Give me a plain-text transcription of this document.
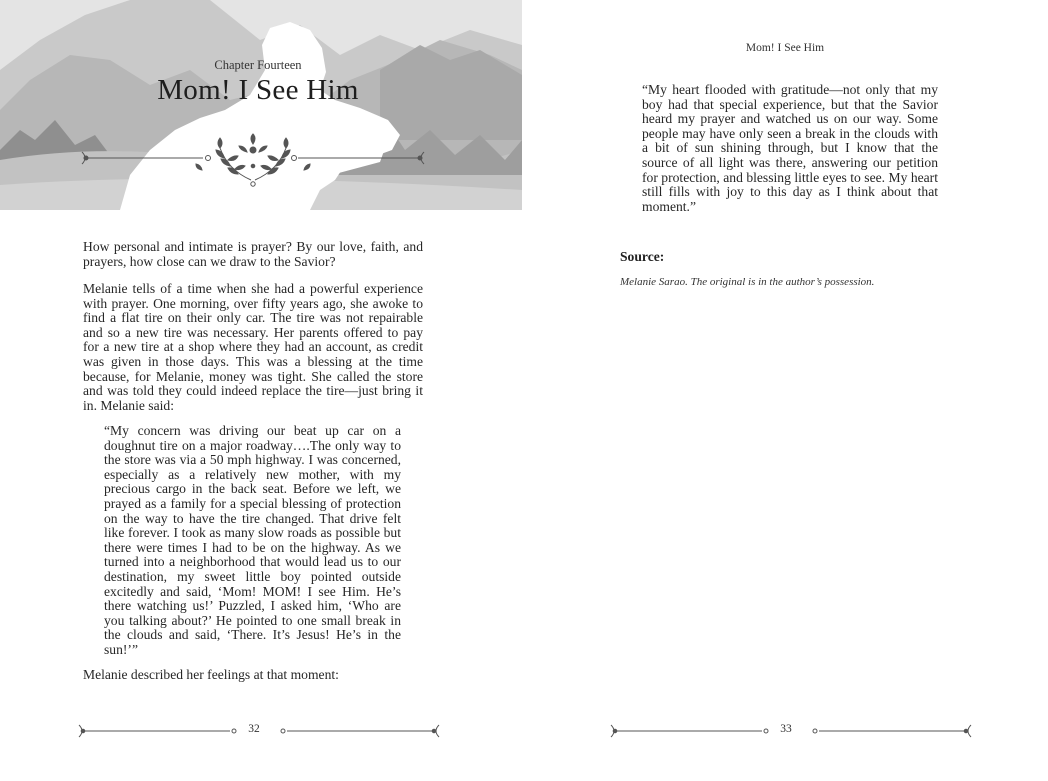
Chapter Fourteen
Mom! I See Him

How personal and intimate is prayer? By our love, faith, and prayers, how close can we draw to the Savior?

Melanie tells of a time when she had a powerful experience with prayer. One morning, over fifty years ago, she awoke to find a flat tire on their only car. The tire was not repairable and so a new tire was necessary. Her parents offered to pay for a new tire at a shop where they had an account, as credit was given in those days. This was a blessing at the time because, for Melanie, money was tight. She called the store and was told they could indeed replace the tire—just bring it in. Melanie said:

“My concern was driving our beat up car on a doughnut tire on a major roadway….The only way to the store was via a 50 mph highway. I was concerned, especially as a relatively new mother, with my precious cargo in the back seat. Before we left, we prayed as a family for a special blessing of protection on the way to have the tire changed. That drive felt like forever. I took as many slow roads as possible but there were times I had to be on the highway. As we turned into a neighborhood that would lead us to our destination, my sweet little boy pointed outside excitedly and said, ‘Mom! MOM! I see Him. He’s there watching us!’ Puzzled, I asked him, ‘Who are you talking about?’ He pointed to one small break in the clouds and said, ‘There. It’s Jesus! He’s in the sun!’”

Melanie described her feelings at that moment:

32
Mom! I See Him

“My heart flooded with gratitude—not only that my boy had that special experience, but that the Savior heard my prayer and watched us on our way. Some people may have only seen a break in the clouds with a bit of sun shining through, but I know that the source of all light was there, answering our petition for protection, and blessing little eyes to see. My heart still fills with joy to this day as I think about that moment.”

Source:
Melanie Sarao. The original is in the author’s possession.
33
